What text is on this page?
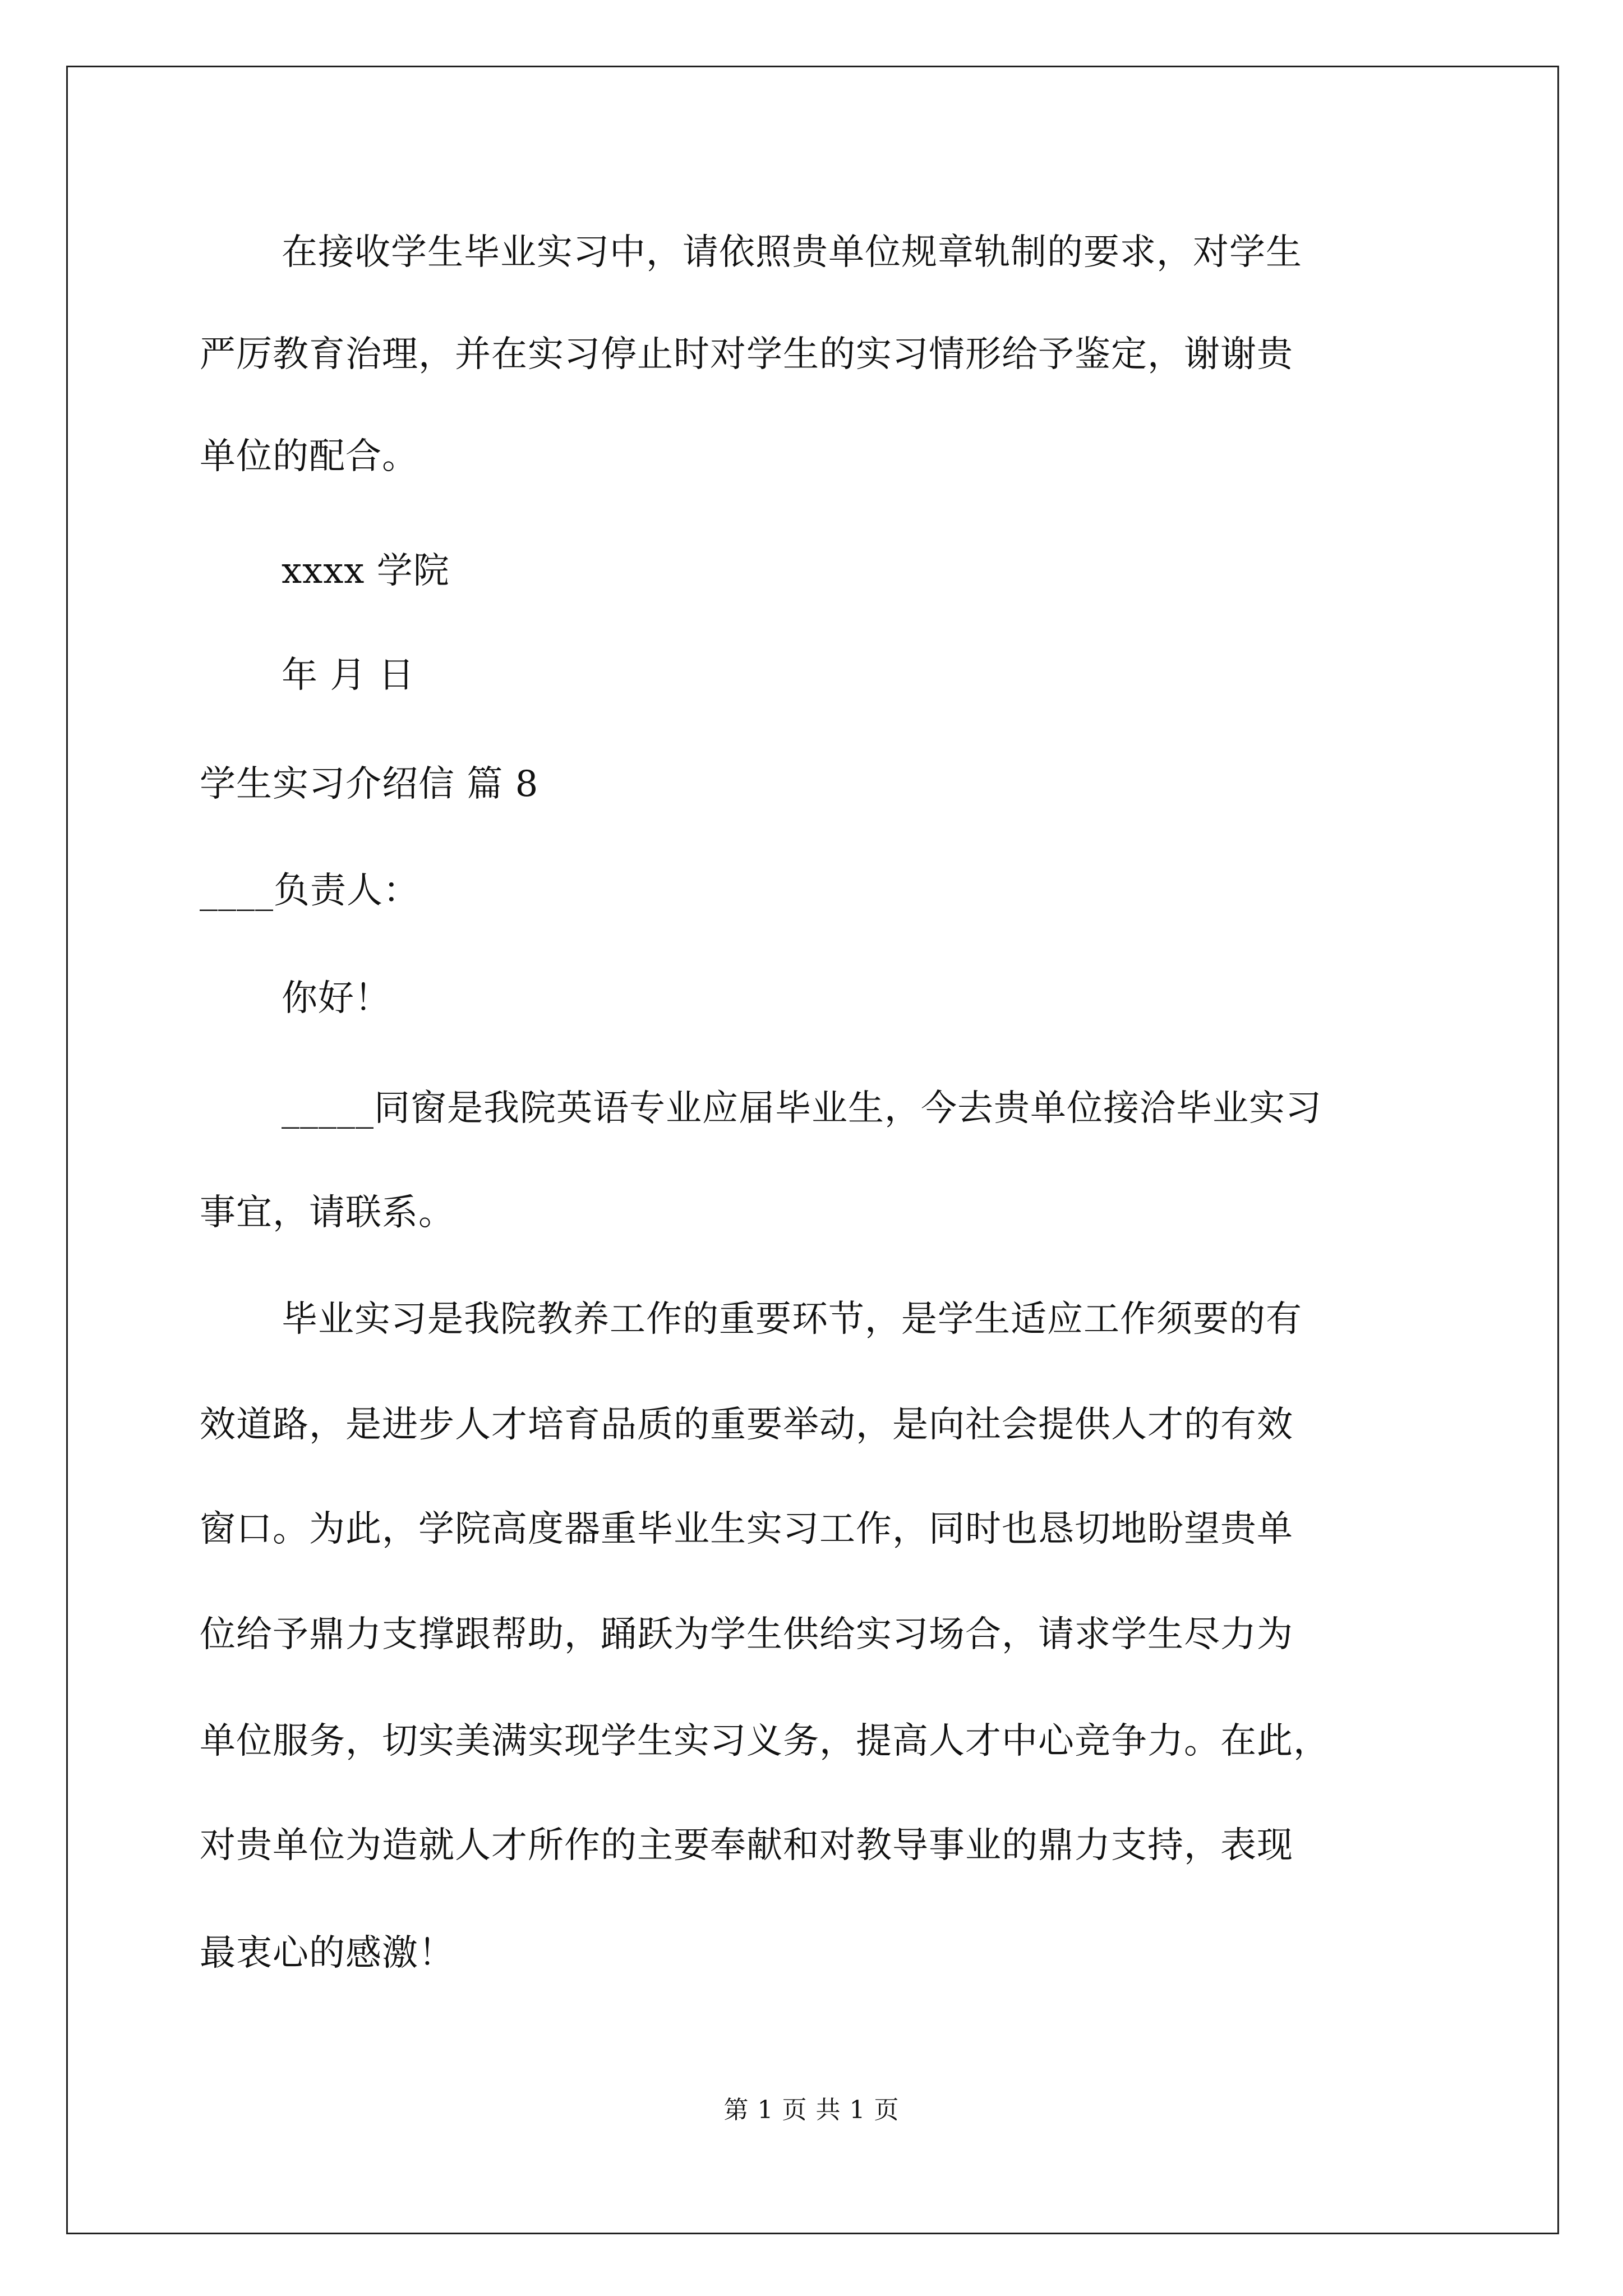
在接收学生毕业实习中，请依照贵单位规章轨制的要求，对学生
严厉教育治理，并在实习停止时对学生的实习情形给予鉴定，谢谢贵
单位的配合。
xxxx 学院
年 月 日
学生实习介绍信 篇 8
____负责人：
你好！
_____同窗是我院英语专业应届毕业生，今去贵单位接洽毕业实习
事宜，请联系。
毕业实习是我院教养工作的重要环节，是学生适应工作须要的有
效道路，是进步人才培育品质的重要举动，是向社会提供人才的有效
窗口。为此，学院高度器重毕业生实习工作，同时也恳切地盼望贵单
位给予鼎力支撑跟帮助，踊跃为学生供给实习场合，请求学生尽力为
单位服务，切实美满实现学生实习义务，提高人才中心竞争力。在此，
对贵单位为造就人才所作的主要奉献和对教导事业的鼎力支持，表现
最衷心的感激！
第 1 页 共 1 页
